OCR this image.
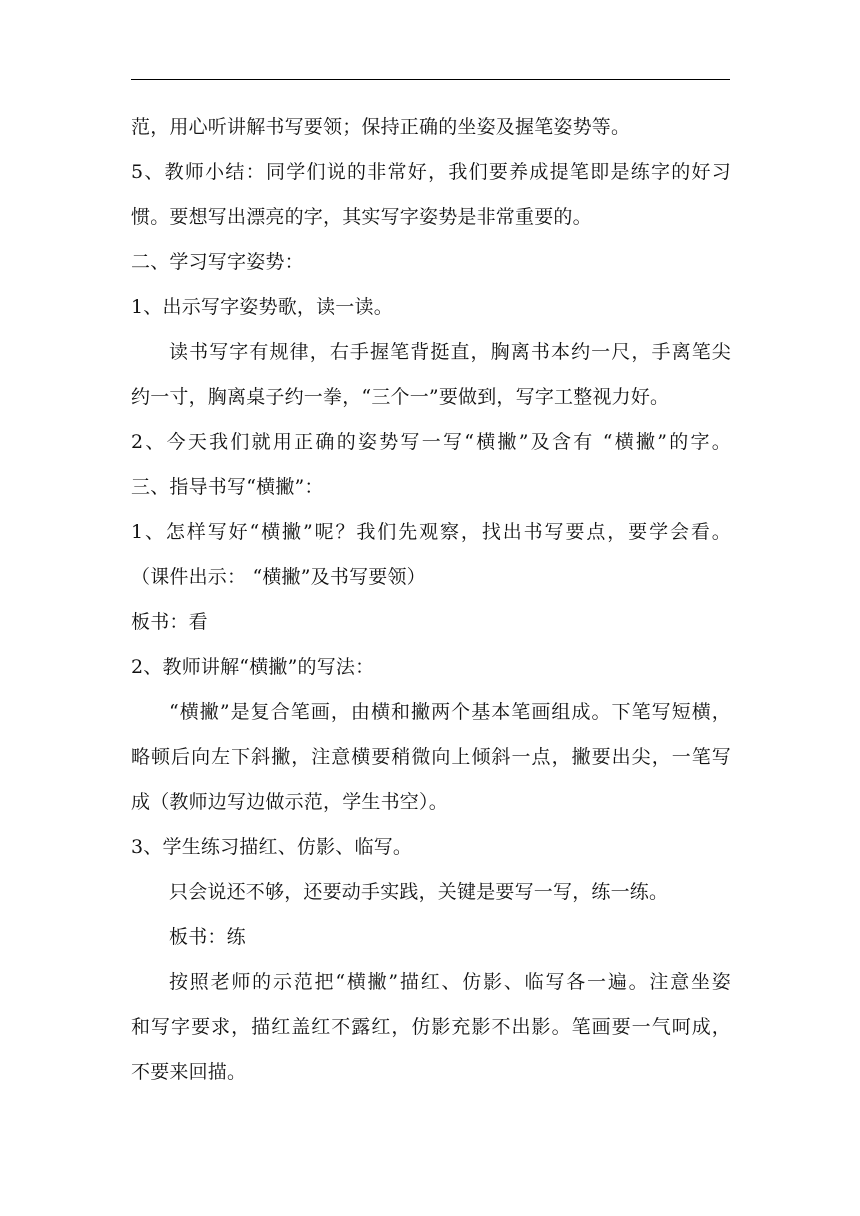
范，用心听讲解书写要领；保持正确的坐姿及握笔姿势等。
5、教师小结：同学们说的非常好，我们要养成提笔即是练字的好习
惯。要想写出漂亮的字，其实写字姿势是非常重要的。
二、学习写字姿势：
1、出示写字姿势歌，读一读。
读书写字有规律，右手握笔背挺直，胸离书本约一尺，手离笔尖
约一寸，胸离桌子约一拳，“三个一”要做到，写字工整视力好。
2、今天我们就用正确的姿势写一写“横撇”及含有 “横撇”的字。
三、指导书写“横撇”：
1、怎样写好“横撇”呢？我们先观察，找出书写要点，要学会看。
（课件出示： “横撇”及书写要领）
板书：看
2、教师讲解“横撇”的写法：
“横撇”是复合笔画，由横和撇两个基本笔画组成。下笔写短横，
略顿后向左下斜撇，注意横要稍微向上倾斜一点，撇要出尖，一笔写
成（教师边写边做示范，学生书空）。
3、学生练习描红、仿影、临写。
只会说还不够，还要动手实践，关键是要写一写，练一练。
板书：练
按照老师的示范把“横撇”描红、仿影、临写各一遍。注意坐姿
和写字要求，描红盖红不露红，仿影充影不出影。笔画要一气呵成，
不要来回描。
